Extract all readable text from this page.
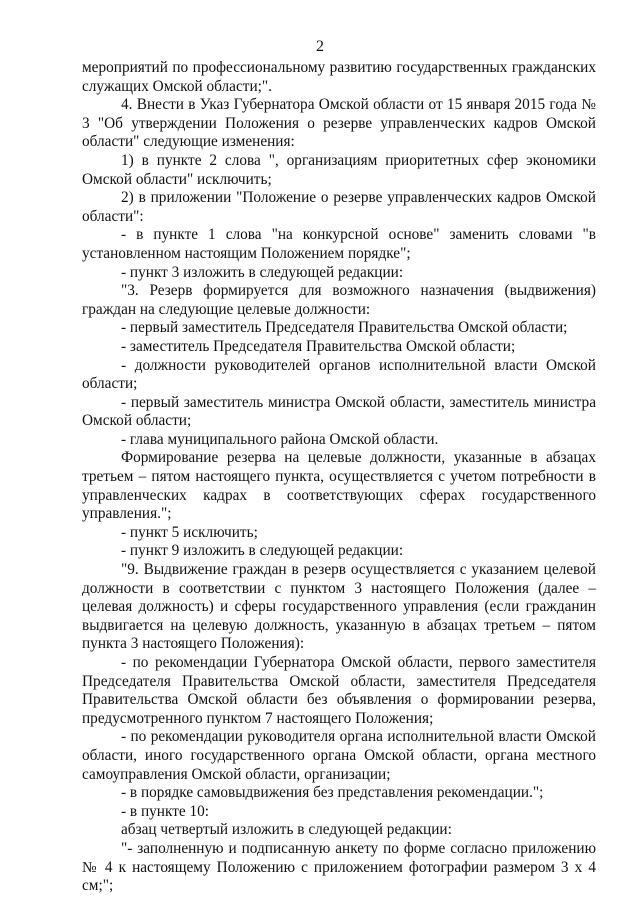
2

мероприятий по профессиональному развитию государственных гражданских служащих Омской области;".

4. Внести в Указ Губернатора Омской области от 15 января 2015 года № 3 "Об утверждении Положения о резерве управленческих кадров Омской области" следующие изменения:

1) в пункте 2 слова ", организациям приоритетных сфер экономики Омской области" исключить;

2) в приложении "Положение о резерве управленческих кадров Омской области":

- в пункте 1 слова "на конкурсной основе" заменить словами "в установленном настоящим Положением порядке";

- пункт 3 изложить в следующей редакции:

"3. Резерв формируется для возможного назначения (выдвижения) граждан на следующие целевые должности:

- первый заместитель Председателя Правительства Омской области;

- заместитель Председателя Правительства Омской области;

- должности руководителей органов исполнительной власти Омской области;

- первый заместитель министра Омской области, заместитель министра Омской области;

- глава муниципального района Омской области.

Формирование резерва на целевые должности, указанные в абзацах третьем – пятом настоящего пункта, осуществляется с учетом потребности в управленческих кадрах в соответствующих сферах государственного управления.";

- пункт 5 исключить;

- пункт 9 изложить в следующей редакции:

"9. Выдвижение граждан в резерв осуществляется с указанием целевой должности в соответствии с пунктом 3 настоящего Положения (далее – целевая должность) и сферы государственного управления (если гражданин выдвигается на целевую должность, указанную в абзацах третьем – пятом пункта 3 настоящего Положения):

- по рекомендации Губернатора Омской области, первого заместителя Председателя Правительства Омской области, заместителя Председателя Правительства Омской области без объявления о формировании резерва, предусмотренного пунктом 7 настоящего Положения;

- по рекомендации руководителя органа исполнительной власти Омской области, иного государственного органа Омской области, органа местного самоуправления Омской области, организации;

- в порядке самовыдвижения без представления рекомендации.";

- в пункте 10:

абзац четвертый изложить в следующей редакции:

"- заполненную и подписанную анкету по форме согласно приложению № 4 к настоящему Положению с приложением фотографии размером 3 х 4 см;";
